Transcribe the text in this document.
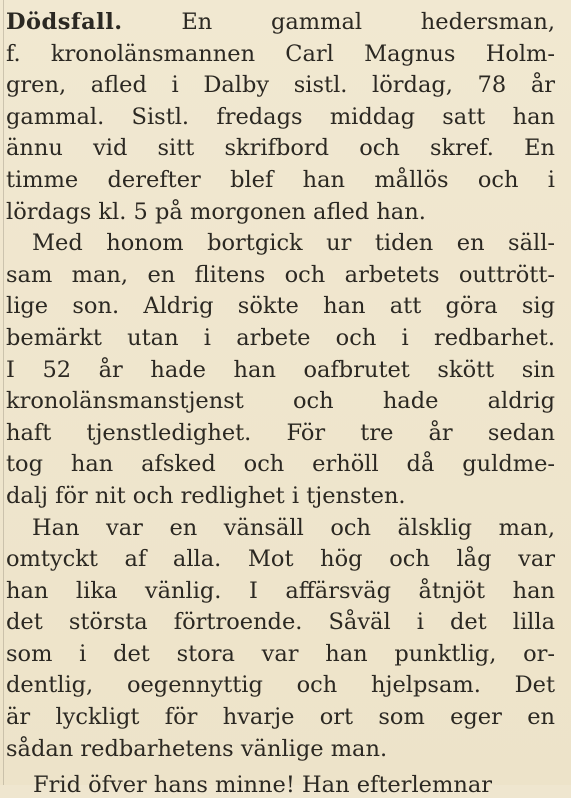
Dödsfall. En gammal hedersman,
f. kronolänsmannen Carl Magnus Holm-
gren, afled i Dalby sistl. lördag, 78 år
gammal. Sistl. fredags middag satt han
ännu vid sitt skrifbord och skref. En
timme derefter blef han mållös och i
lördags kl. 5 på morgonen afled han.
Med honom bortgick ur tiden en säll-
sam man, en flitens och arbetets outtrött-
lige son. Aldrig sökte han att göra sig
bemärkt utan i arbete och i redbarhet.
I 52 år hade han oafbrutet skött sin
kronolänsmanstjenst och hade aldrig
haft tjenstledighet. För tre år sedan
tog han afsked och erhöll då guldme-
dalj för nit och redlighet i tjensten.
Han var en vänsäll och älsklig man,
omtyckt af alla. Mot hög och låg var
han lika vänlig. I affärsväg åtnjöt han
det största förtroende. Såväl i det lilla
som i det stora var han punktlig, or-
dentlig, oegennyttig och hjelpsam. Det
är lyckligt för hvarje ort som eger en
sådan redbarhetens vänlige man.
Frid öfver hans minne! Han efterlemnar
